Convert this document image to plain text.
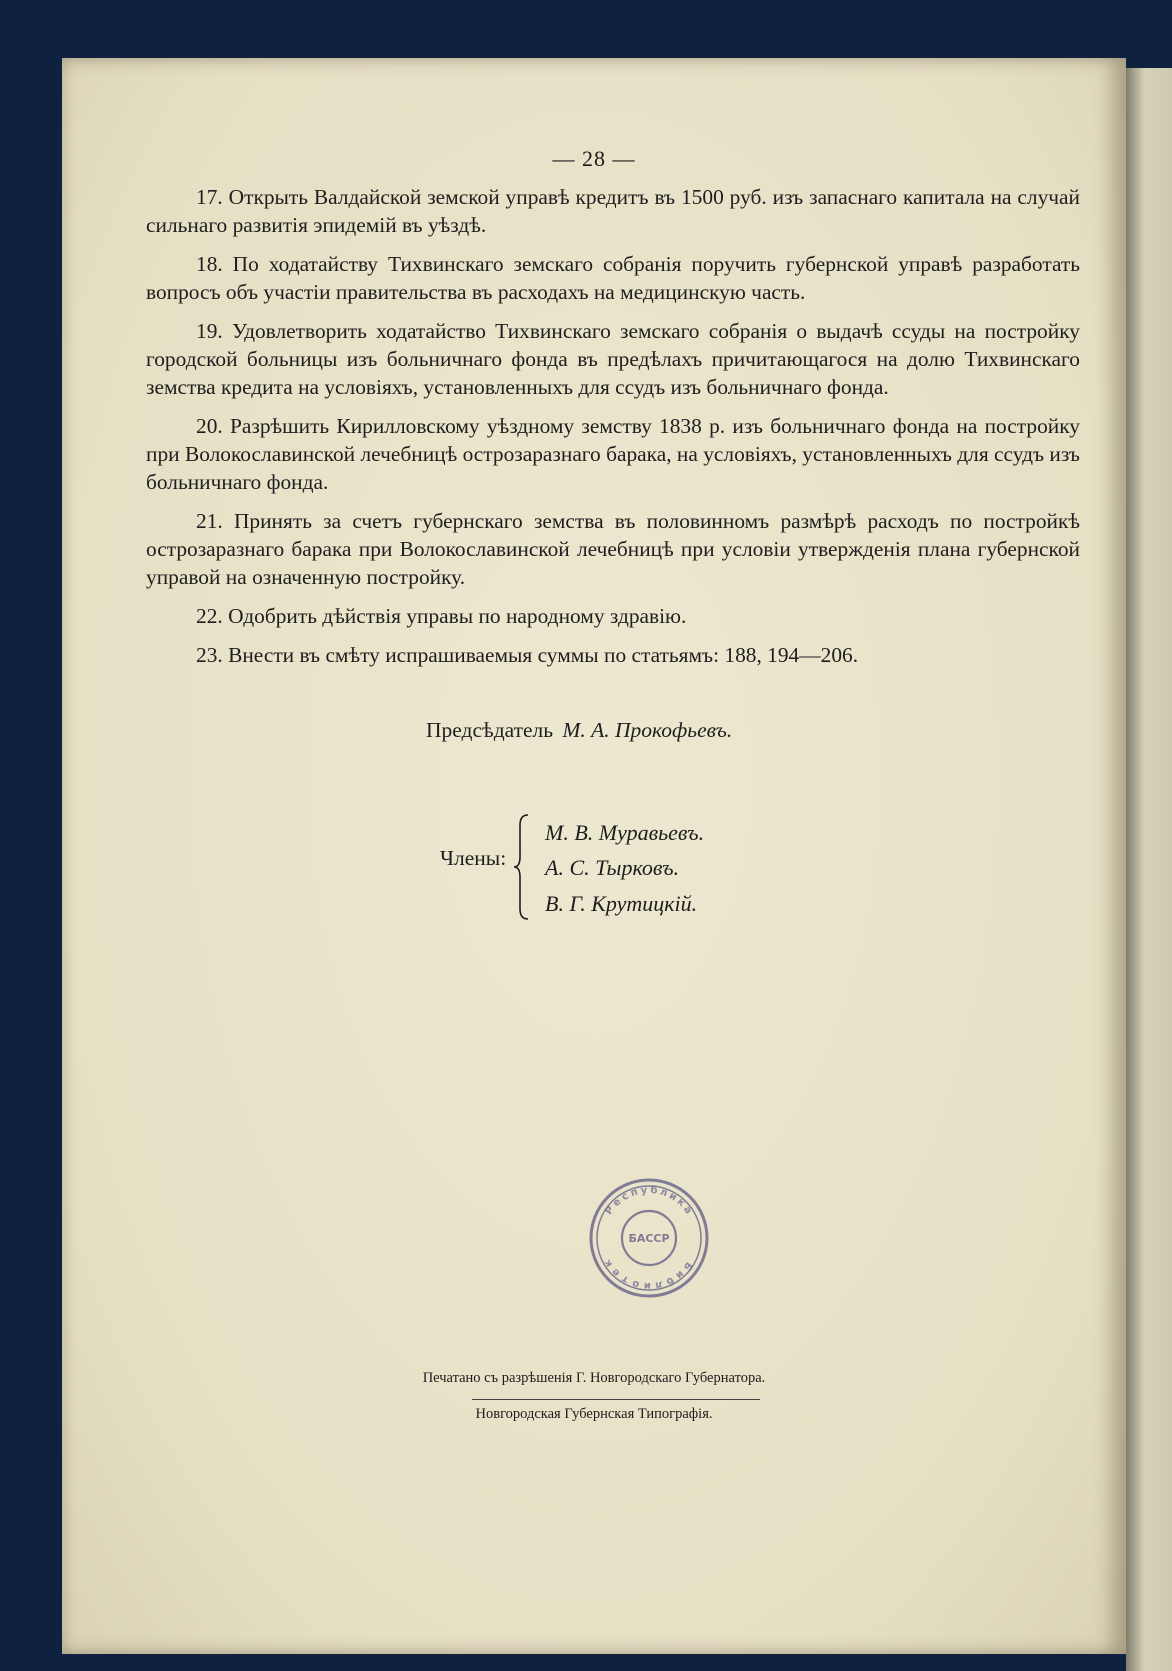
— 28 —

17. Открыть Валдайской земской управѣ кредитъ въ 1500 руб. изъ запаснаго капитала на случай сильнаго развитія эпидемій въ уѣздѣ.

18. По ходатайству Тихвинскаго земскаго собранія поручить губернской управѣ разработать вопросъ объ участіи правительства въ расходахъ на медицинскую часть.

19. Удовлетворить ходатайство Тихвинскаго земскаго собранія о выдачѣ ссуды на постройку городской больницы изъ больничнаго фонда въ предѣлахъ причитающагося на долю Тихвинскаго земства кредита на условіяхъ, установленныхъ для ссудъ изъ больничнаго фонда.

20. Разрѣшить Кирилловскому уѣздному земству 1838 р. изъ больничнаго фонда на постройку при Волокославинской лечебницѣ острозаразнаго барака, на условіяхъ, установленныхъ для ссудъ изъ больничнаго фонда.

21. Принять за счетъ губернскаго земства въ половинномъ размѣрѣ расходъ по постройкѣ острозаразнаго барака при Волокославинской лечебницѣ при условіи утвержденія плана губернской управой на означенную постройку.

22. Одобрить дѣйствія управы по народному здравію.

23. Внести въ смѣту испрашиваемыя суммы по статьямъ: 188, 194—206.

Предсѣдатель М. А. Прокофьевъ.
Члены:
М. В. Муравьевъ.
А. С. Тырковъ.
В. Г. Крутицкій.
Р
е
с
п у б л
и
к
а
Б
и
б
л
и
о
т
е
к
БАССР
Печатано съ разрѣшенія Г. Новгородскаго Губернатора.
Новгородская Губернская Типографія.
